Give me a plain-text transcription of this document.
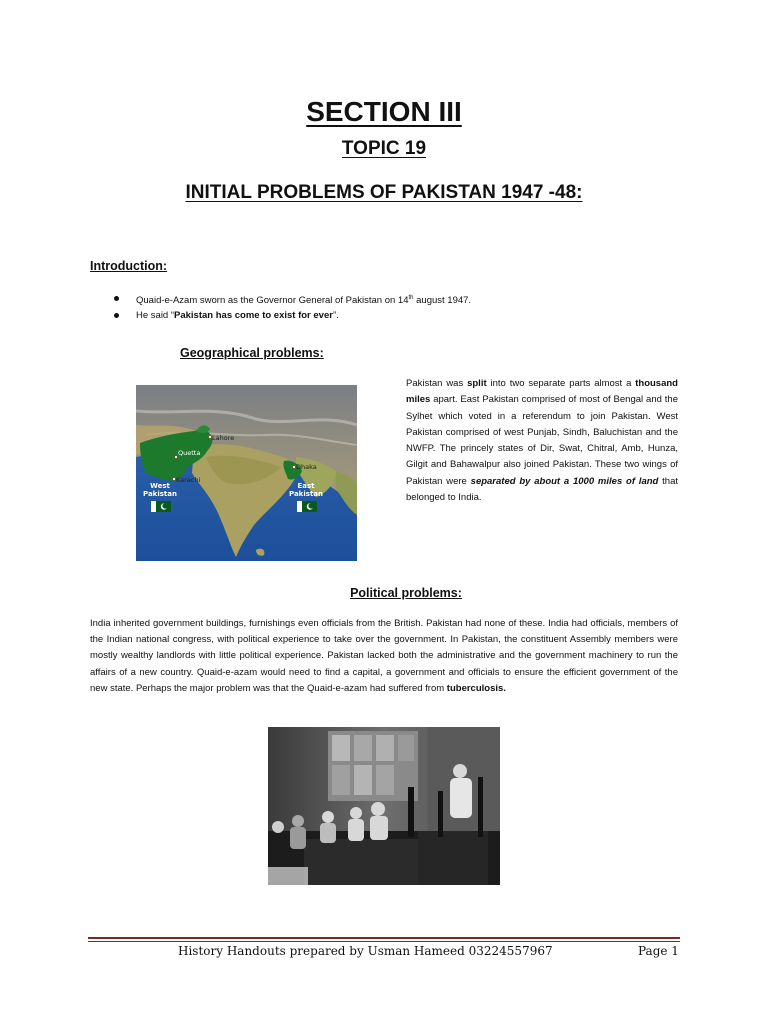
SECTION III
TOPIC 19
INITIAL PROBLEMS OF PAKISTAN 1947 -48:
Introduction:
Quaid-e-Azam sworn as the Governor General of Pakistan on 14th august 1947.
He said “Pakistan has come to exist for ever”.
Geographical problems:
Quetta
Lahore
Karachi
Dhaka
West
Pakistan
East
Pakistan
Pakistan was split into two separate parts almost a thousand miles apart. East Pakistan comprised of most of Bengal and the Sylhet which voted in a referendum to join Pakistan. West Pakistan comprised of west Punjab, Sindh, Baluchistan and the NWFP. The princely states of Dir, Swat, Chitral, Amb, Hunza, Gilgit and Bahawalpur also joined Pakistan. These two wings of Pakistan were separated by about a 1000 miles of land that belonged to India.
Political problems:
India inherited government buildings, furnishings even officials from the British. Pakistan had none of these. India had officials, members of the Indian national congress, with political experience to take over the government. In Pakistan, the constituent Assembly members were mostly wealthy landlords with little political experience. Pakistan lacked both the administrative and the government machinery to run the affairs of a new country. Quaid-e-azam would need to find a capital, a government and officials to ensure the efficient government of the new state. Perhaps the major problem was that the Quaid-e-azam had suffered from tuberculosis.
History Handouts prepared by Usman Hameed 03224557967	Page 1
